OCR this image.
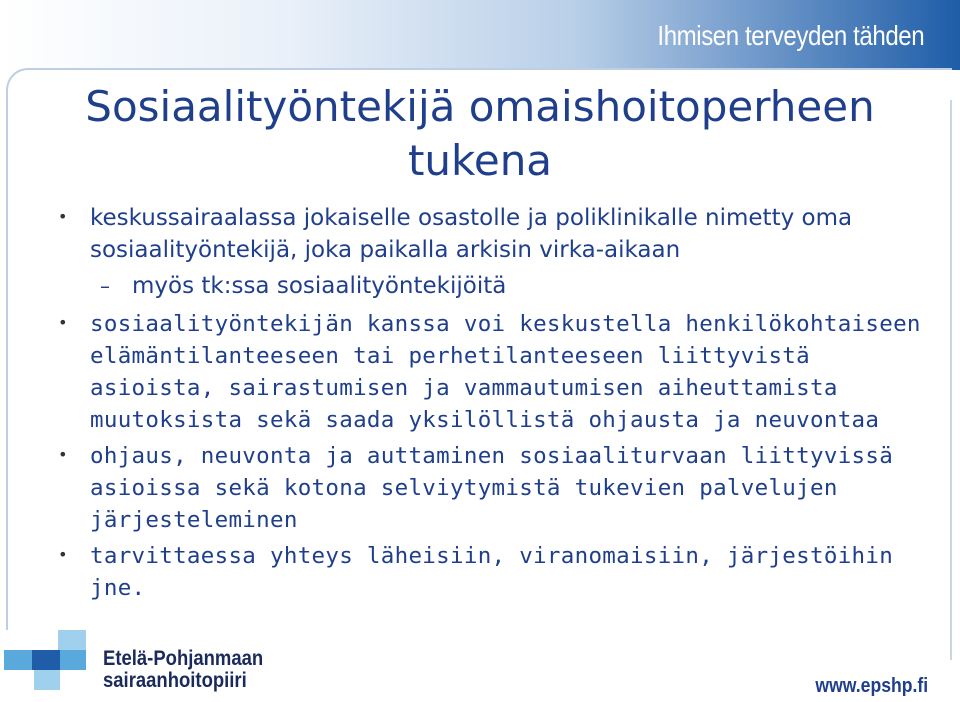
Ihmisen terveyden tähden
Sosiaalityöntekijä omaishoitoperheen tukena
• keskussairaalassa jokaiselle osastolle ja poliklinikalle nimetty oma sosiaalityöntekijä, joka paikalla arkisin virka-aikaan
– myös tk:ssa sosiaalityöntekijöitä
• sosiaalityöntekijän kanssa voi keskustella henkilökohtaiseen elämäntilanteeseen tai perhetilanteeseen liittyvistä asioista, sairastumisen ja vammautumisen aiheuttamista muutoksista sekä saada yksilöllistä ohjausta ja neuvontaa
• ohjaus, neuvonta ja auttaminen sosiaaliturvaan liittyvissä asioissa sekä kotona selviytymistä tukevien palvelujen järjesteleminen
• tarvittaessa yhteys läheisiin, viranomaisiin, järjestöihin jne.
Etelä-Pohjanmaan
sairaanhoitopiiri	www.epshp.fi
